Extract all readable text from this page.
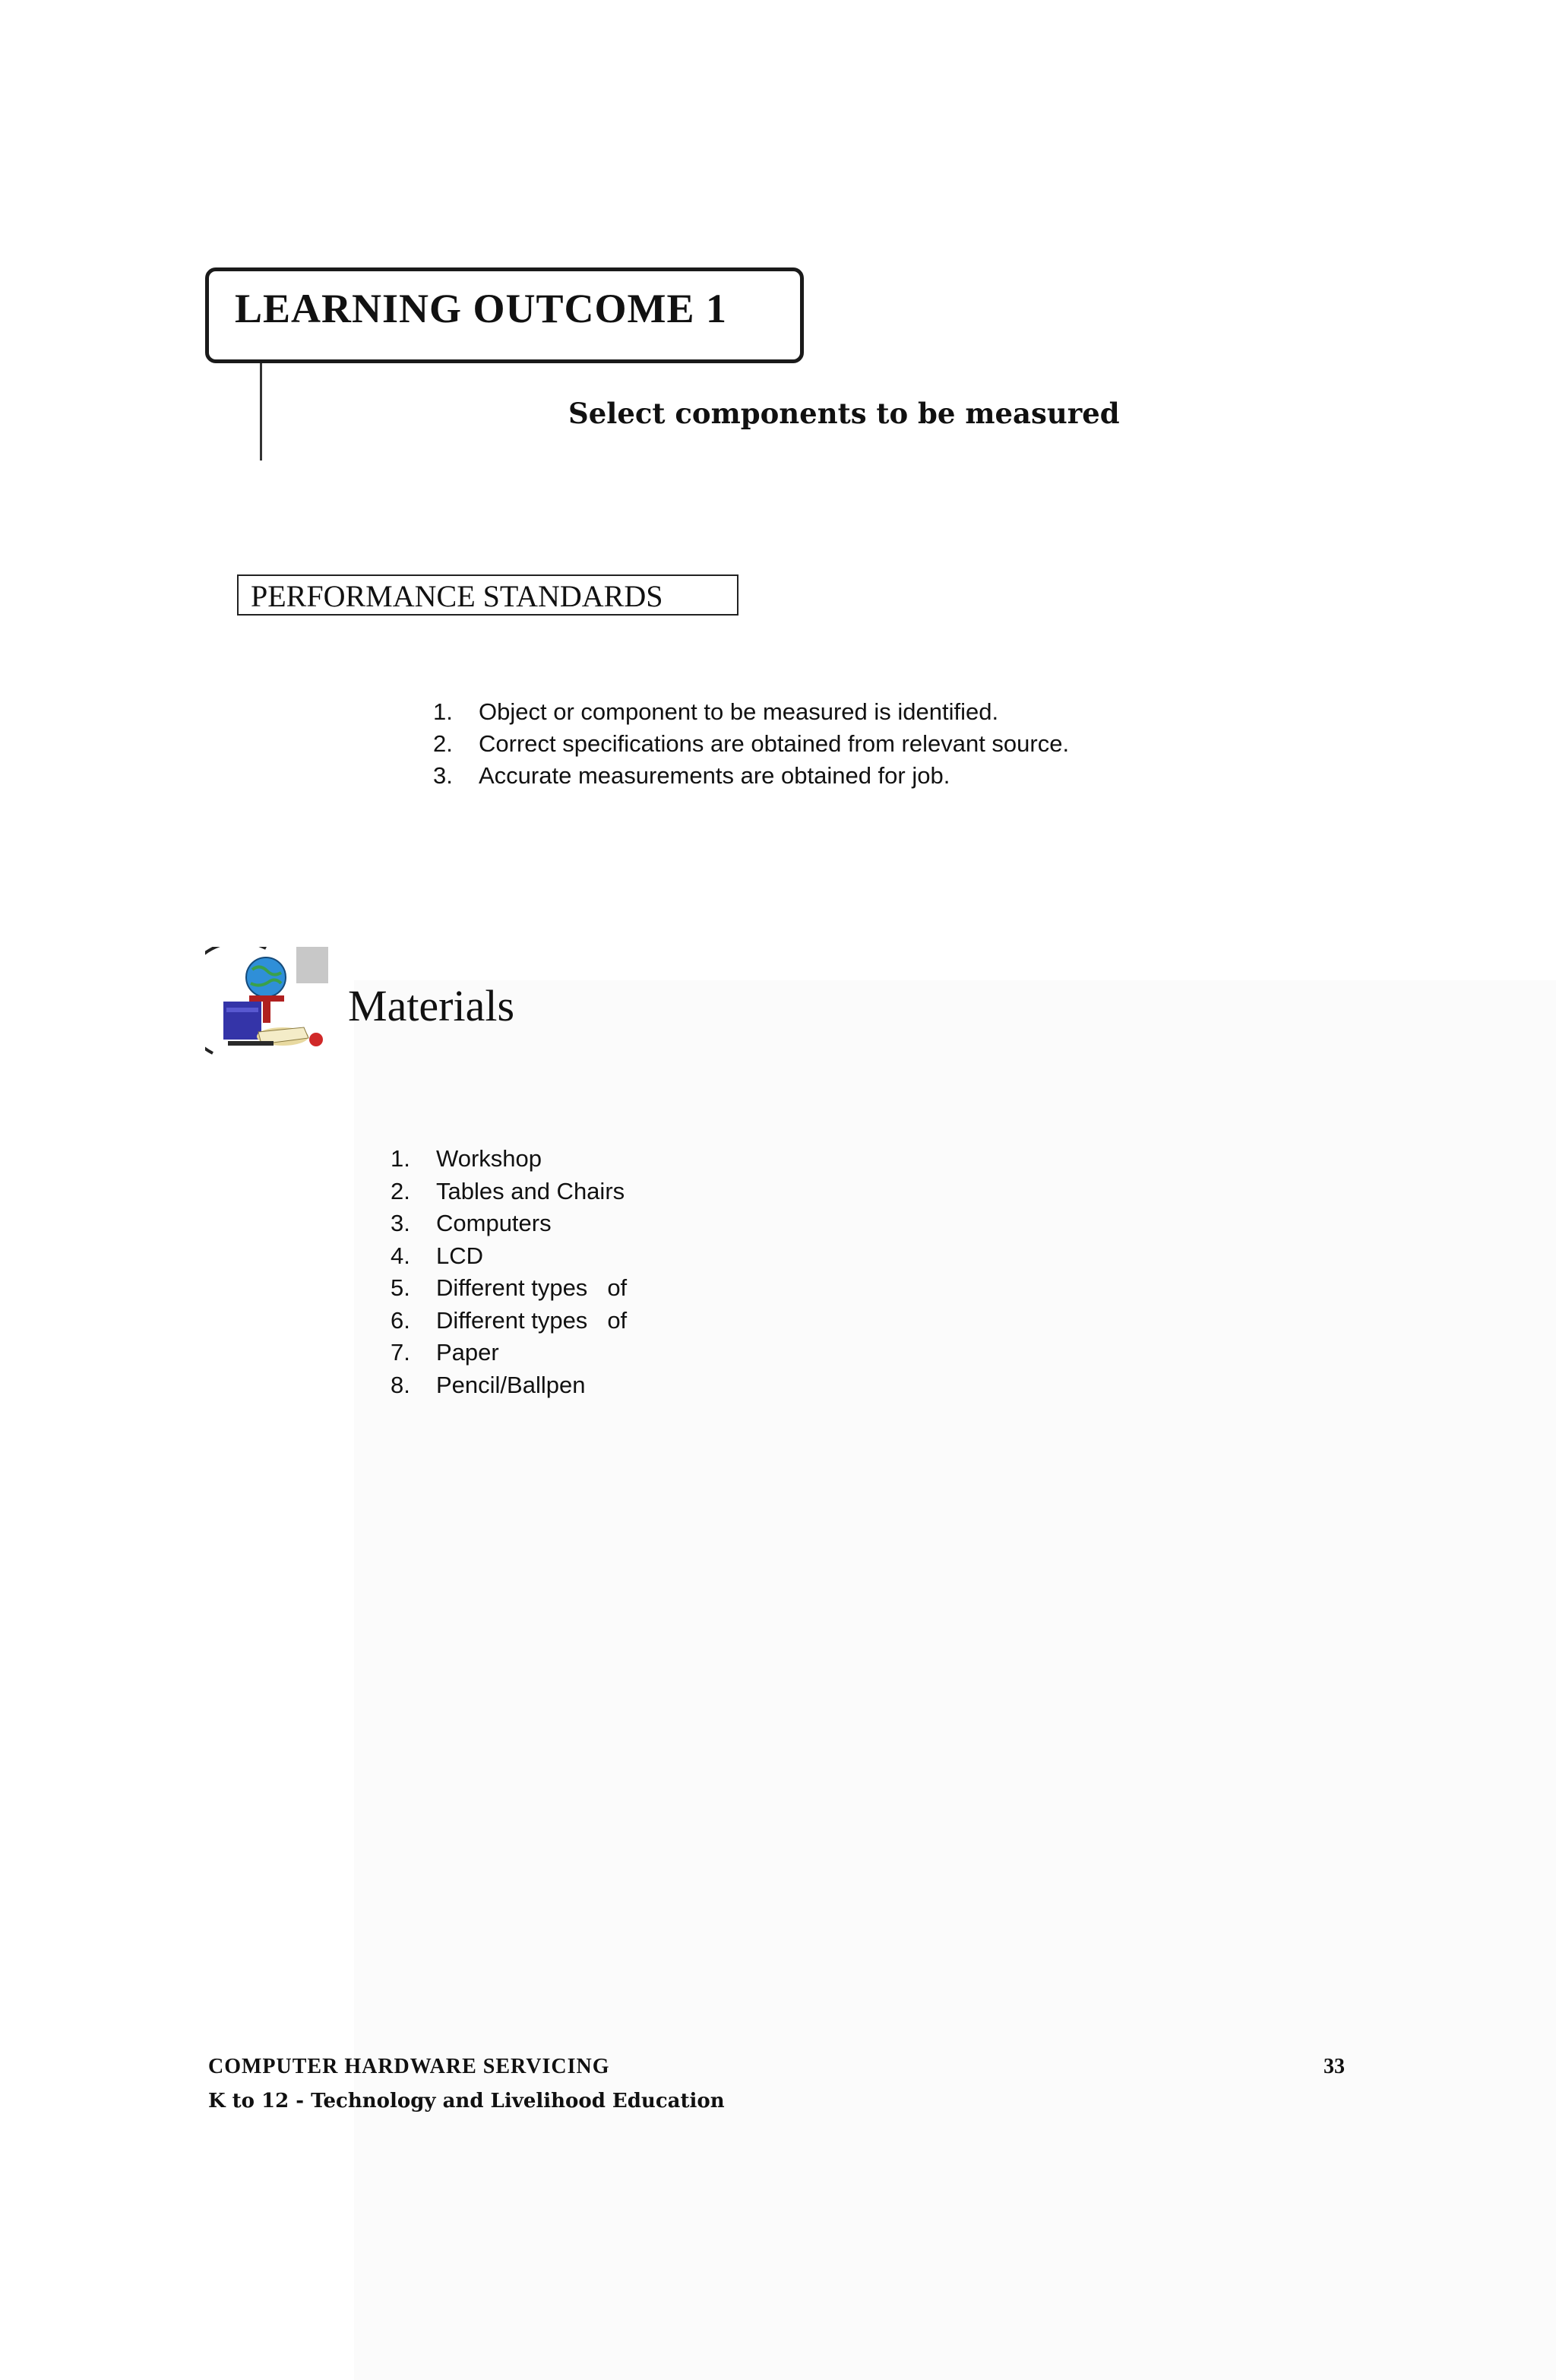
LEARNING OUTCOME 1
Select components to be measured
PERFORMANCE STANDARDS
1. Object or component to be measured is identified.
2. Correct specifications are obtained from relevant source.
3. Accurate measurements are obtained for job.
Materials
1. Workshop
2. Tables and Chairs
3. Computers
4. LCD
5. Different types of
6. Different types of
7. Paper
8. Pencil/Ballpen
COMPUTER HARDWARE SERVICING
K to 12 - Technology and Livelihood Education
33
